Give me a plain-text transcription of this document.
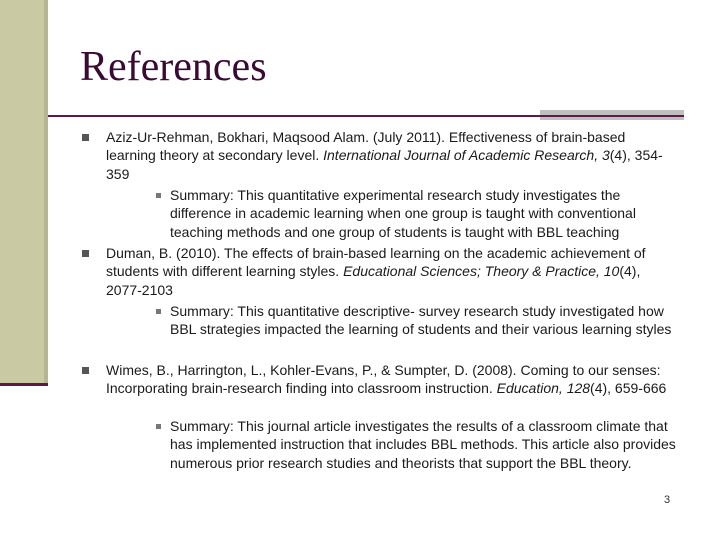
References
Aziz-Ur-Rehman, Bokhari, Maqsood Alam. (July 2011). Effectiveness of brain-based learning theory at secondary level. International Journal of Academic Research, 3(4), 354-359
Summary: This quantitative experimental research study investigates the difference in academic learning when one group is taught with conventional teaching methods and one group of students is taught with BBL teaching
Duman, B. (2010). The effects of brain-based learning on the academic achievement of students with different learning styles. Educational Sciences; Theory & Practice, 10(4), 2077-2103
Summary: This quantitative descriptive- survey research study investigated how BBL strategies impacted the learning of students and their various learning styles
Wimes, B., Harrington, L., Kohler-Evans, P., & Sumpter, D. (2008). Coming to our senses: Incorporating brain-research finding into classroom instruction. Education, 128(4), 659-666
Summary: This journal article investigates the results of a classroom climate that has implemented instruction that includes BBL methods. This article also provides numerous prior research studies and theorists that support the BBL theory.
3
